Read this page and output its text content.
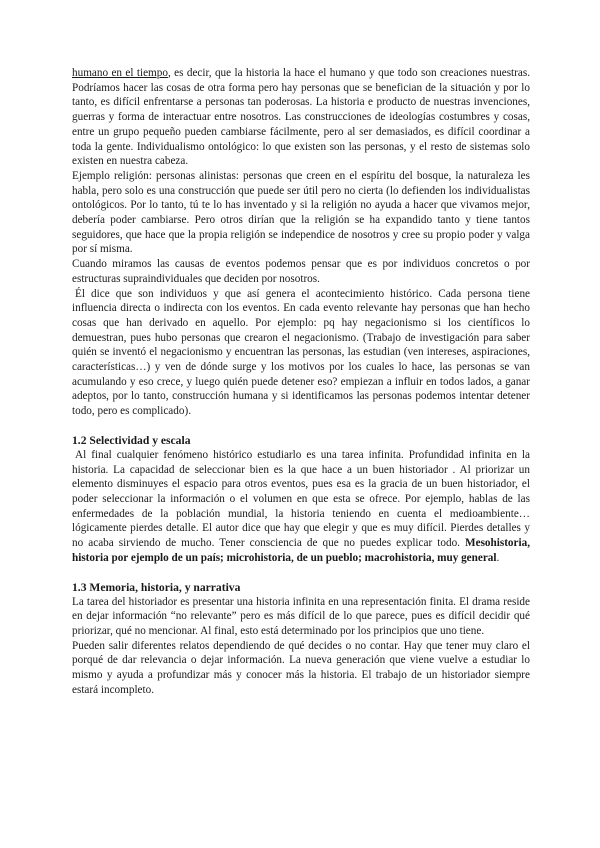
humano en el tiempo, es decir, que la historia la hace el humano y que todo son creaciones nuestras. Podríamos hacer las cosas de otra forma pero hay personas que se benefician de la situación y por lo tanto, es difícil enfrentarse a personas tan poderosas. La historia e producto de nuestras invenciones, guerras y forma de interactuar entre nosotros. Las construcciones de ideologías costumbres y cosas, entre un grupo pequeño pueden cambiarse fácilmente, pero al ser demasiados, es difícil coordinar a toda la gente. Individualismo ontológico: lo que existen son las personas, y el resto de sistemas solo existen en nuestra cabeza.

Ejemplo religión: personas alinistas: personas que creen en el espíritu del bosque, la naturaleza les habla, pero solo es una construcción que puede ser útil pero no cierta (lo defienden los individualistas ontológicos. Por lo tanto, tú te lo has inventado y si la religión no ayuda a hacer que vivamos mejor, debería poder cambiarse. Pero otros dirían que la religión se ha expandido tanto y tiene tantos seguidores, que hace que la propia religión se independice de nosotros y cree su propio poder y valga por sí misma.

Cuando miramos las causas de eventos podemos pensar que es por individuos concretos o por estructuras supraindividuales que deciden por nosotros.

Él dice que son individuos y que así genera el acontecimiento histórico. Cada persona tiene influencia directa o indirecta con los eventos. En cada evento relevante hay personas que han hecho cosas que han derivado en aquello. Por ejemplo: pq hay negacionismo si los científicos lo demuestran, pues hubo personas que crearon el negacionismo. (Trabajo de investigación para saber quién se inventó el negacionismo y encuentran las personas, las estudian (ven intereses, aspiraciones, características…) y ven de dónde surge y los motivos por los cuales lo hace, las personas se van acumulando y eso crece, y luego quién puede detener eso? empiezan a influir en todos lados, a ganar adeptos, por lo tanto, construcción humana y si identificamos las personas podemos intentar detener todo, pero es complicado).

1.2 Selectividad y escala

Al final cualquier fenómeno histórico estudiarlo es una tarea infinita. Profundidad infinita en la historia. La capacidad de seleccionar bien es la que hace a un buen historiador . Al priorizar un elemento disminuyes el espacio para otros eventos, pues esa es la gracia de un buen historiador, el poder seleccionar la información o el volumen en que esta se ofrece. Por ejemplo, hablas de las enfermedades de la población mundial, la historia teniendo en cuenta el medioambiente… lógicamente pierdes detalle. El autor dice que hay que elegir y que es muy difícil. Pierdes detalles y no acaba sirviendo de mucho. Tener consciencia de que no puedes explicar todo. Mesohistoria, historia por ejemplo de un país; microhistoria, de un pueblo; macrohistoria, muy general.

1.3 Memoria, historia, y narrativa

La tarea del historiador es presentar una historia infinita en una representación finita. El drama reside en dejar información “no relevante” pero es más difícil de lo que parece, pues es difícil decidir qué priorizar, qué no mencionar. Al final, esto está determinado por los principios que uno tiene.

Pueden salir diferentes relatos dependiendo de qué decides o no contar. Hay que tener muy claro el porqué de dar relevancia o dejar información. La nueva generación que viene vuelve a estudiar lo mismo y ayuda a profundizar más y conocer más la historia. El trabajo de un historiador siempre estará incompleto.
